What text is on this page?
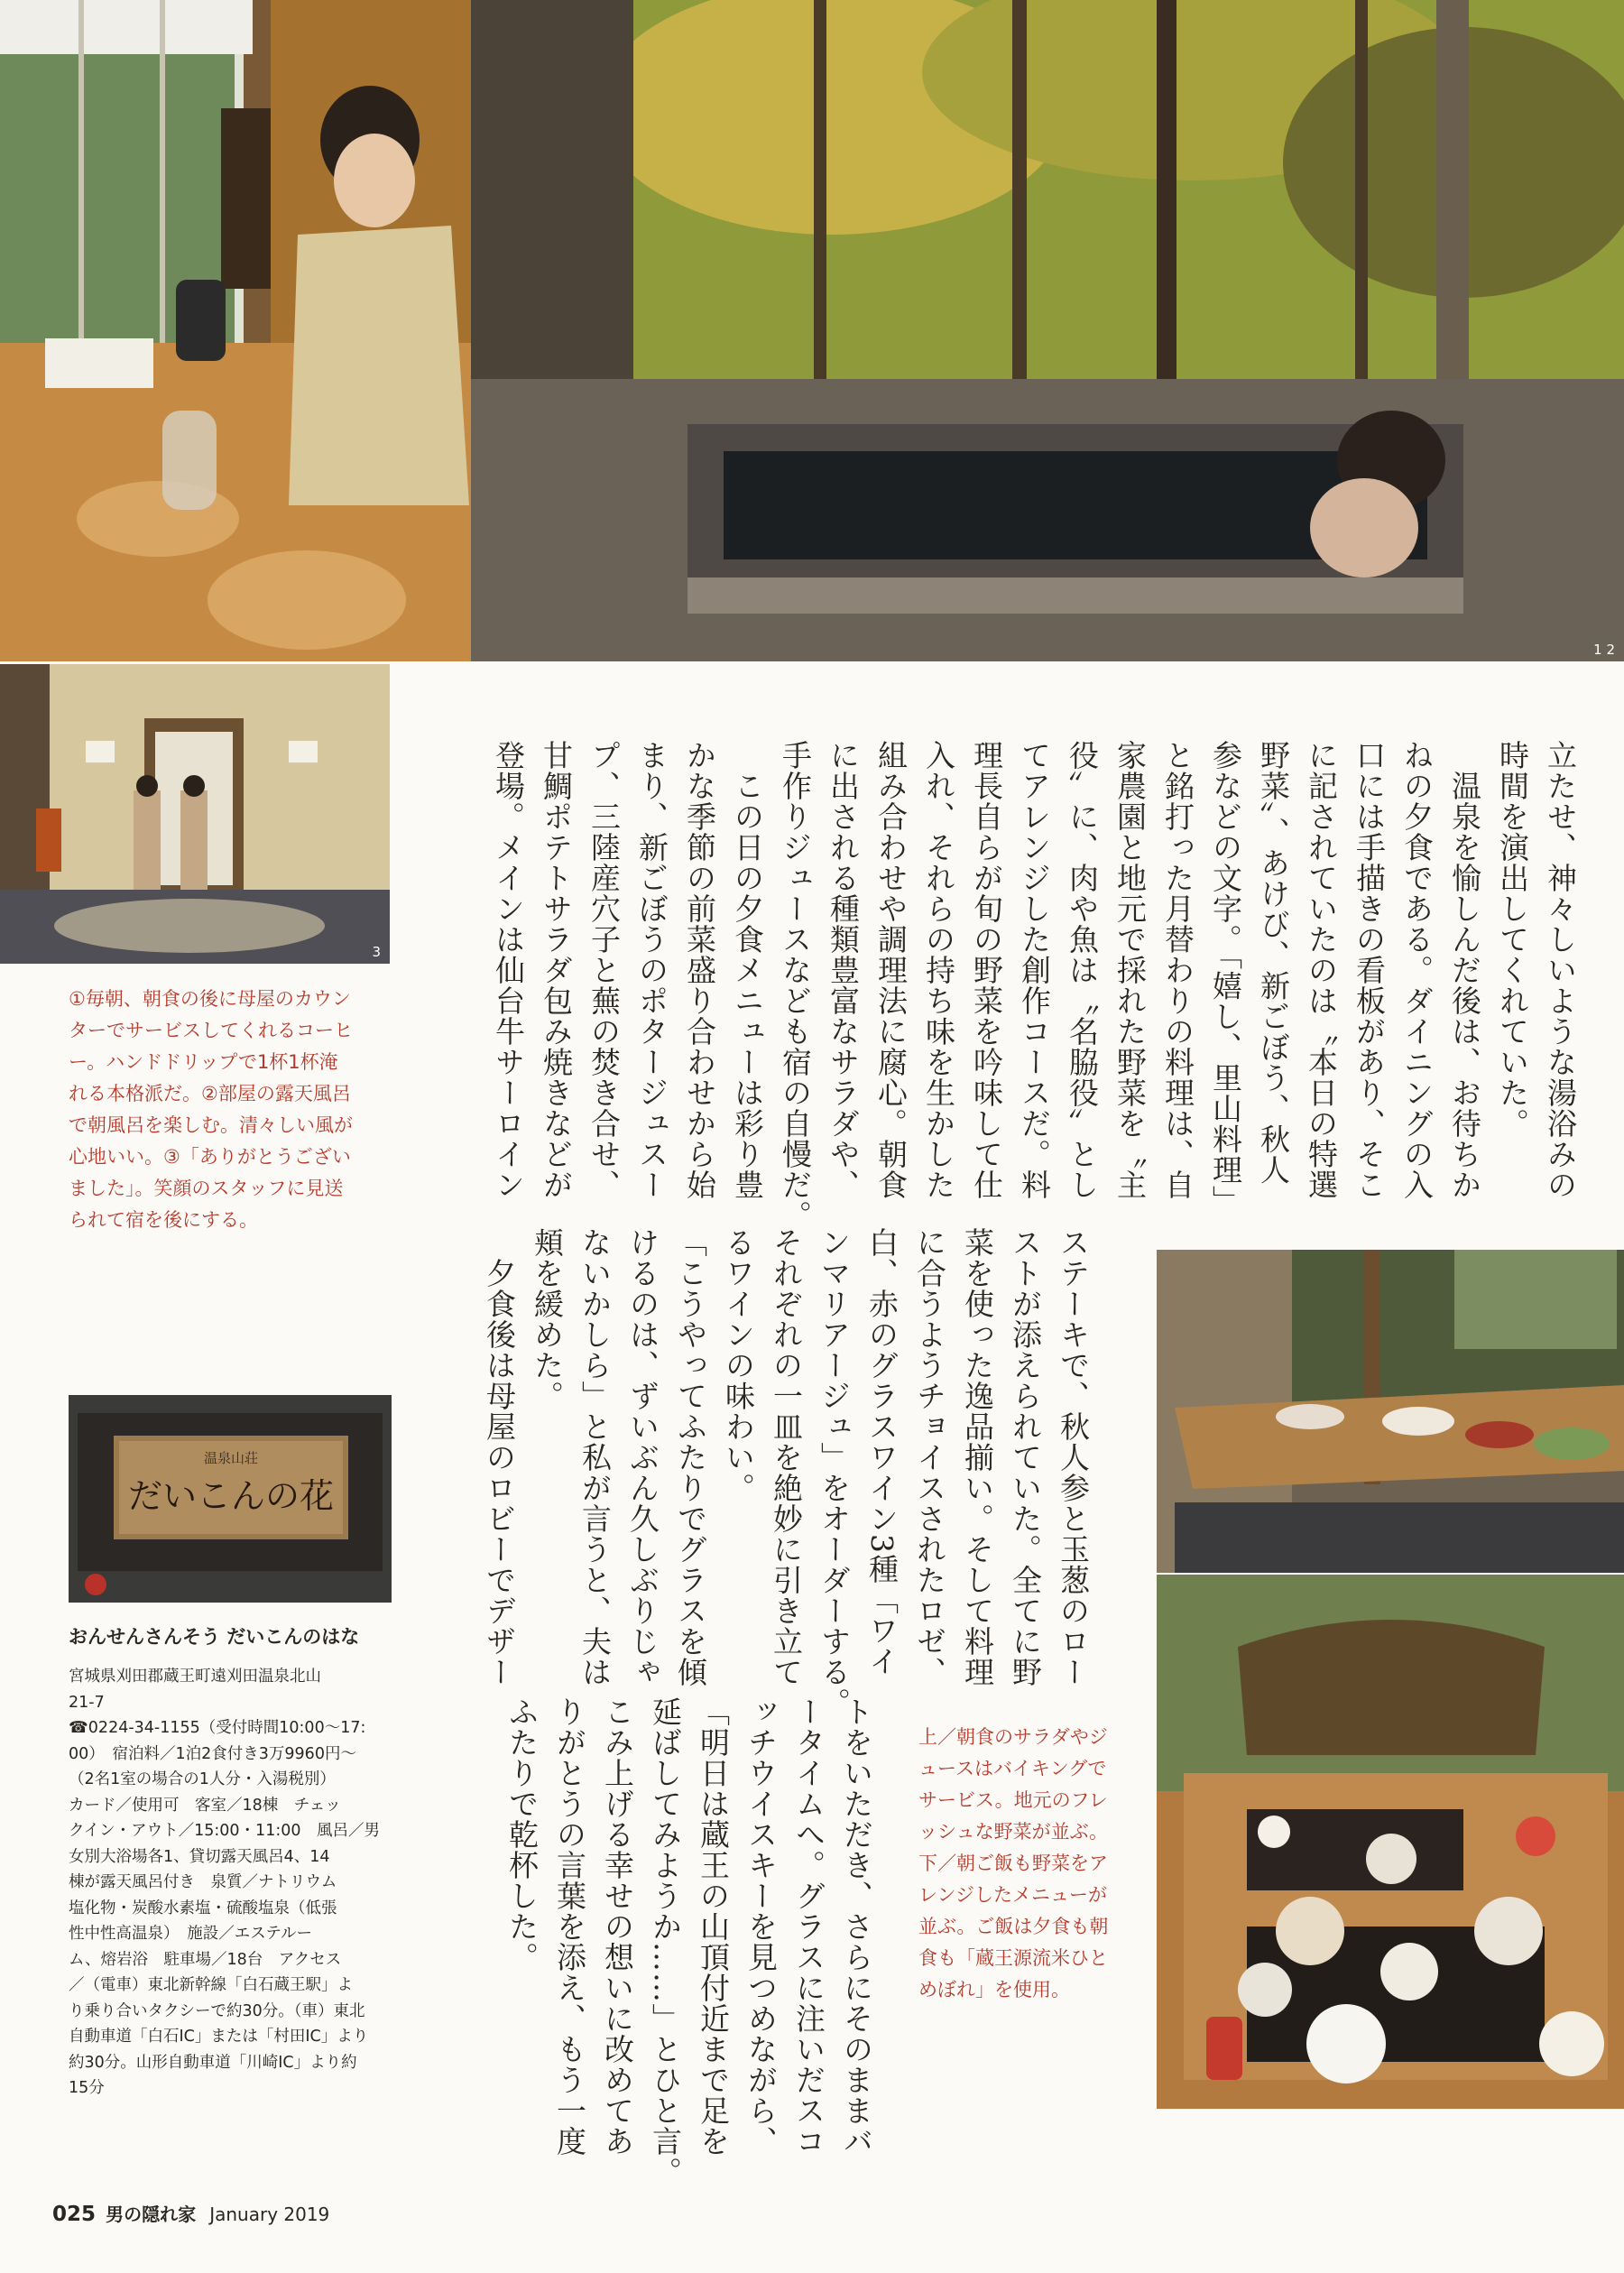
1 2
3

①毎朝、朝食の後に母屋のカウン

ターでサービスしてくれるコーヒ

ー。ハンドドリップで1杯1杯淹

れる本格派だ。②部屋の露天風呂

で朝風呂を楽しむ。清々しい風が

心地いい。③「ありがとうござい

ました」。笑顔のスタッフに見送

られて宿を後にする。

温泉山荘
だいこんの花
おんせんさんそう だいこんのはな

宮城県刈田郡蔵王町遠刈田温泉北山

21-7

☎0224-34-1155（受付時間10:00〜17:

00）　宿泊料／1泊2食付き3万9960円〜

（2名1室の場合の1人分・入湯税別）

カード／使用可　客室／18棟　チェッ

クイン・アウト／15:00・11:00　風呂／男

女別大浴場各1、貸切露天風呂4、14

棟が露天風呂付き　泉質／ナトリウム

塩化物・炭酸水素塩・硫酸塩泉（低張

性中性高温泉）　施設／エステルー

ム、熔岩浴　駐車場／18台　アクセス

／（電車）東北新幹線「白石蔵王駅」よ

り乗り合いタクシーで約30分。（車）東北

自動車道「白石IC」または「村田IC」より

約30分。山形自動車道「川崎IC」より約

15分

立たせ、神々しいような湯浴みの

時間を演出してくれていた。

　温泉を愉しんだ後は、お待ちか

ねの夕食である。ダイニングの入

口には手描きの看板があり、そこ

に記されていたのは〝本日の特選

野菜〟、あけび、新ごぼう、秋人

参などの文字。「嬉し、里山料理」

と銘打った月替わりの料理は、自

家農園と地元で採れた野菜を〝主

役〟に、肉や魚は〝名脇役〟とし

てアレンジした創作コースだ。料

理長自らが旬の野菜を吟味して仕

入れ、それらの持ち味を生かした

組み合わせや調理法に腐心。朝食

に出される種類豊富なサラダや、

手作りジュースなども宿の自慢だ。

　この日の夕食メニューは彩り豊

かな季節の前菜盛り合わせから始

まり、新ごぼうのポタージュスー

プ、三陸産穴子と蕪の焚き合せ、

甘鯛ポテトサラダ包み焼きなどが

登場。メインは仙台牛サーロイン

ステーキで、秋人参と玉葱のロー

ストが添えられていた。全てに野

菜を使った逸品揃い。そして料理

に合うようチョイスされたロゼ、

白、赤のグラスワイン3種「ワイ

ンマリアージュ」をオーダーする。

それぞれの一皿を絶妙に引き立て

るワインの味わい。

「こうやってふたりでグラスを傾

けるのは、ずいぶん久しぶりじゃ

ないかしら」と私が言うと、夫は

頬を緩めた。

　夕食後は母屋のロビーでデザー

トをいただき、さらにそのままバ

ータイムへ。グラスに注いだスコ

ッチウイスキーを見つめながら、

「明日は蔵王の山頂付近まで足を

延ばしてみようか……」とひと言。

こみ上げる幸せの想いに改めてあ

りがとうの言葉を添え、もう一度

ふたりで乾杯した。	上／朝食のサラダやジ

ュースはバイキングで

サービス。地元のフレ

ッシュな野菜が並ぶ。

下／朝ご飯も野菜をア

レンジしたメニューが

並ぶ。ご飯は夕食も朝

食も「蔵王源流米ひと

めぼれ」を使用。

025 男の隠れ家 January 2019
